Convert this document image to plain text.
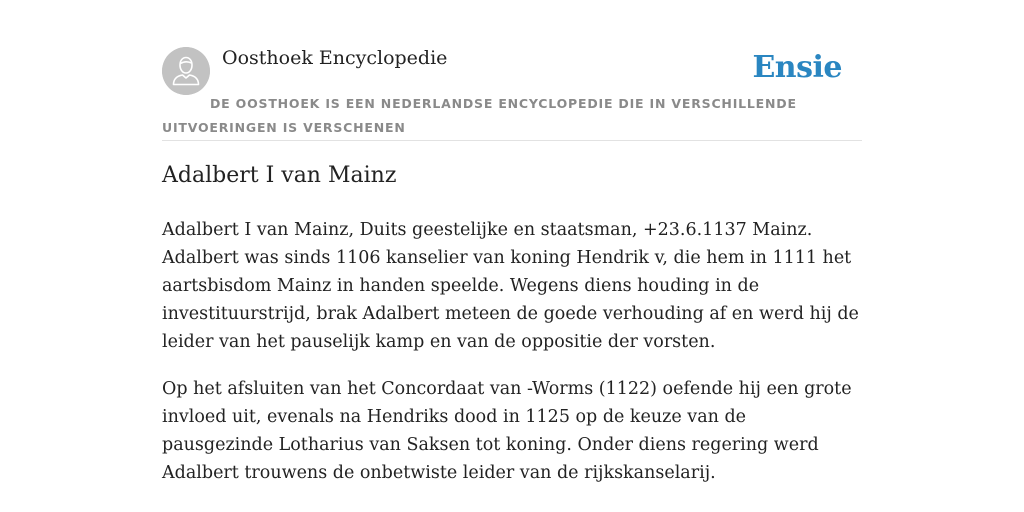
Oosthoek Encyclopedie	Ensie
DE OOSTHOEK IS EEN NEDERLANDSE ENCYCLOPEDIE DIE IN VERSCHILLENDE UITVOERINGEN IS VERSCHENEN
Adalbert I van Mainz

Adalbert I van Mainz, Duits geestelijke en staatsman, +23.6.1137 Mainz. Adalbert was sinds 1106 kanselier van koning Hendrik v, die hem in 1111 het aartsbisdom Mainz in handen speelde. Wegens diens houding in de investituurstrijd, brak Adalbert meteen de goede verhouding af en werd hij de leider van het pauselijk kamp en van de oppositie der vorsten.

Op het afsluiten van het Concordaat van -Worms (1122) oefende hij een grote invloed uit, evenals na Hendriks dood in 1125 op de keuze van de pausgezinde Lotharius van Saksen tot koning. Onder diens regering werd Adalbert trouwens de onbetwiste leider van de rijkskanselarij.
